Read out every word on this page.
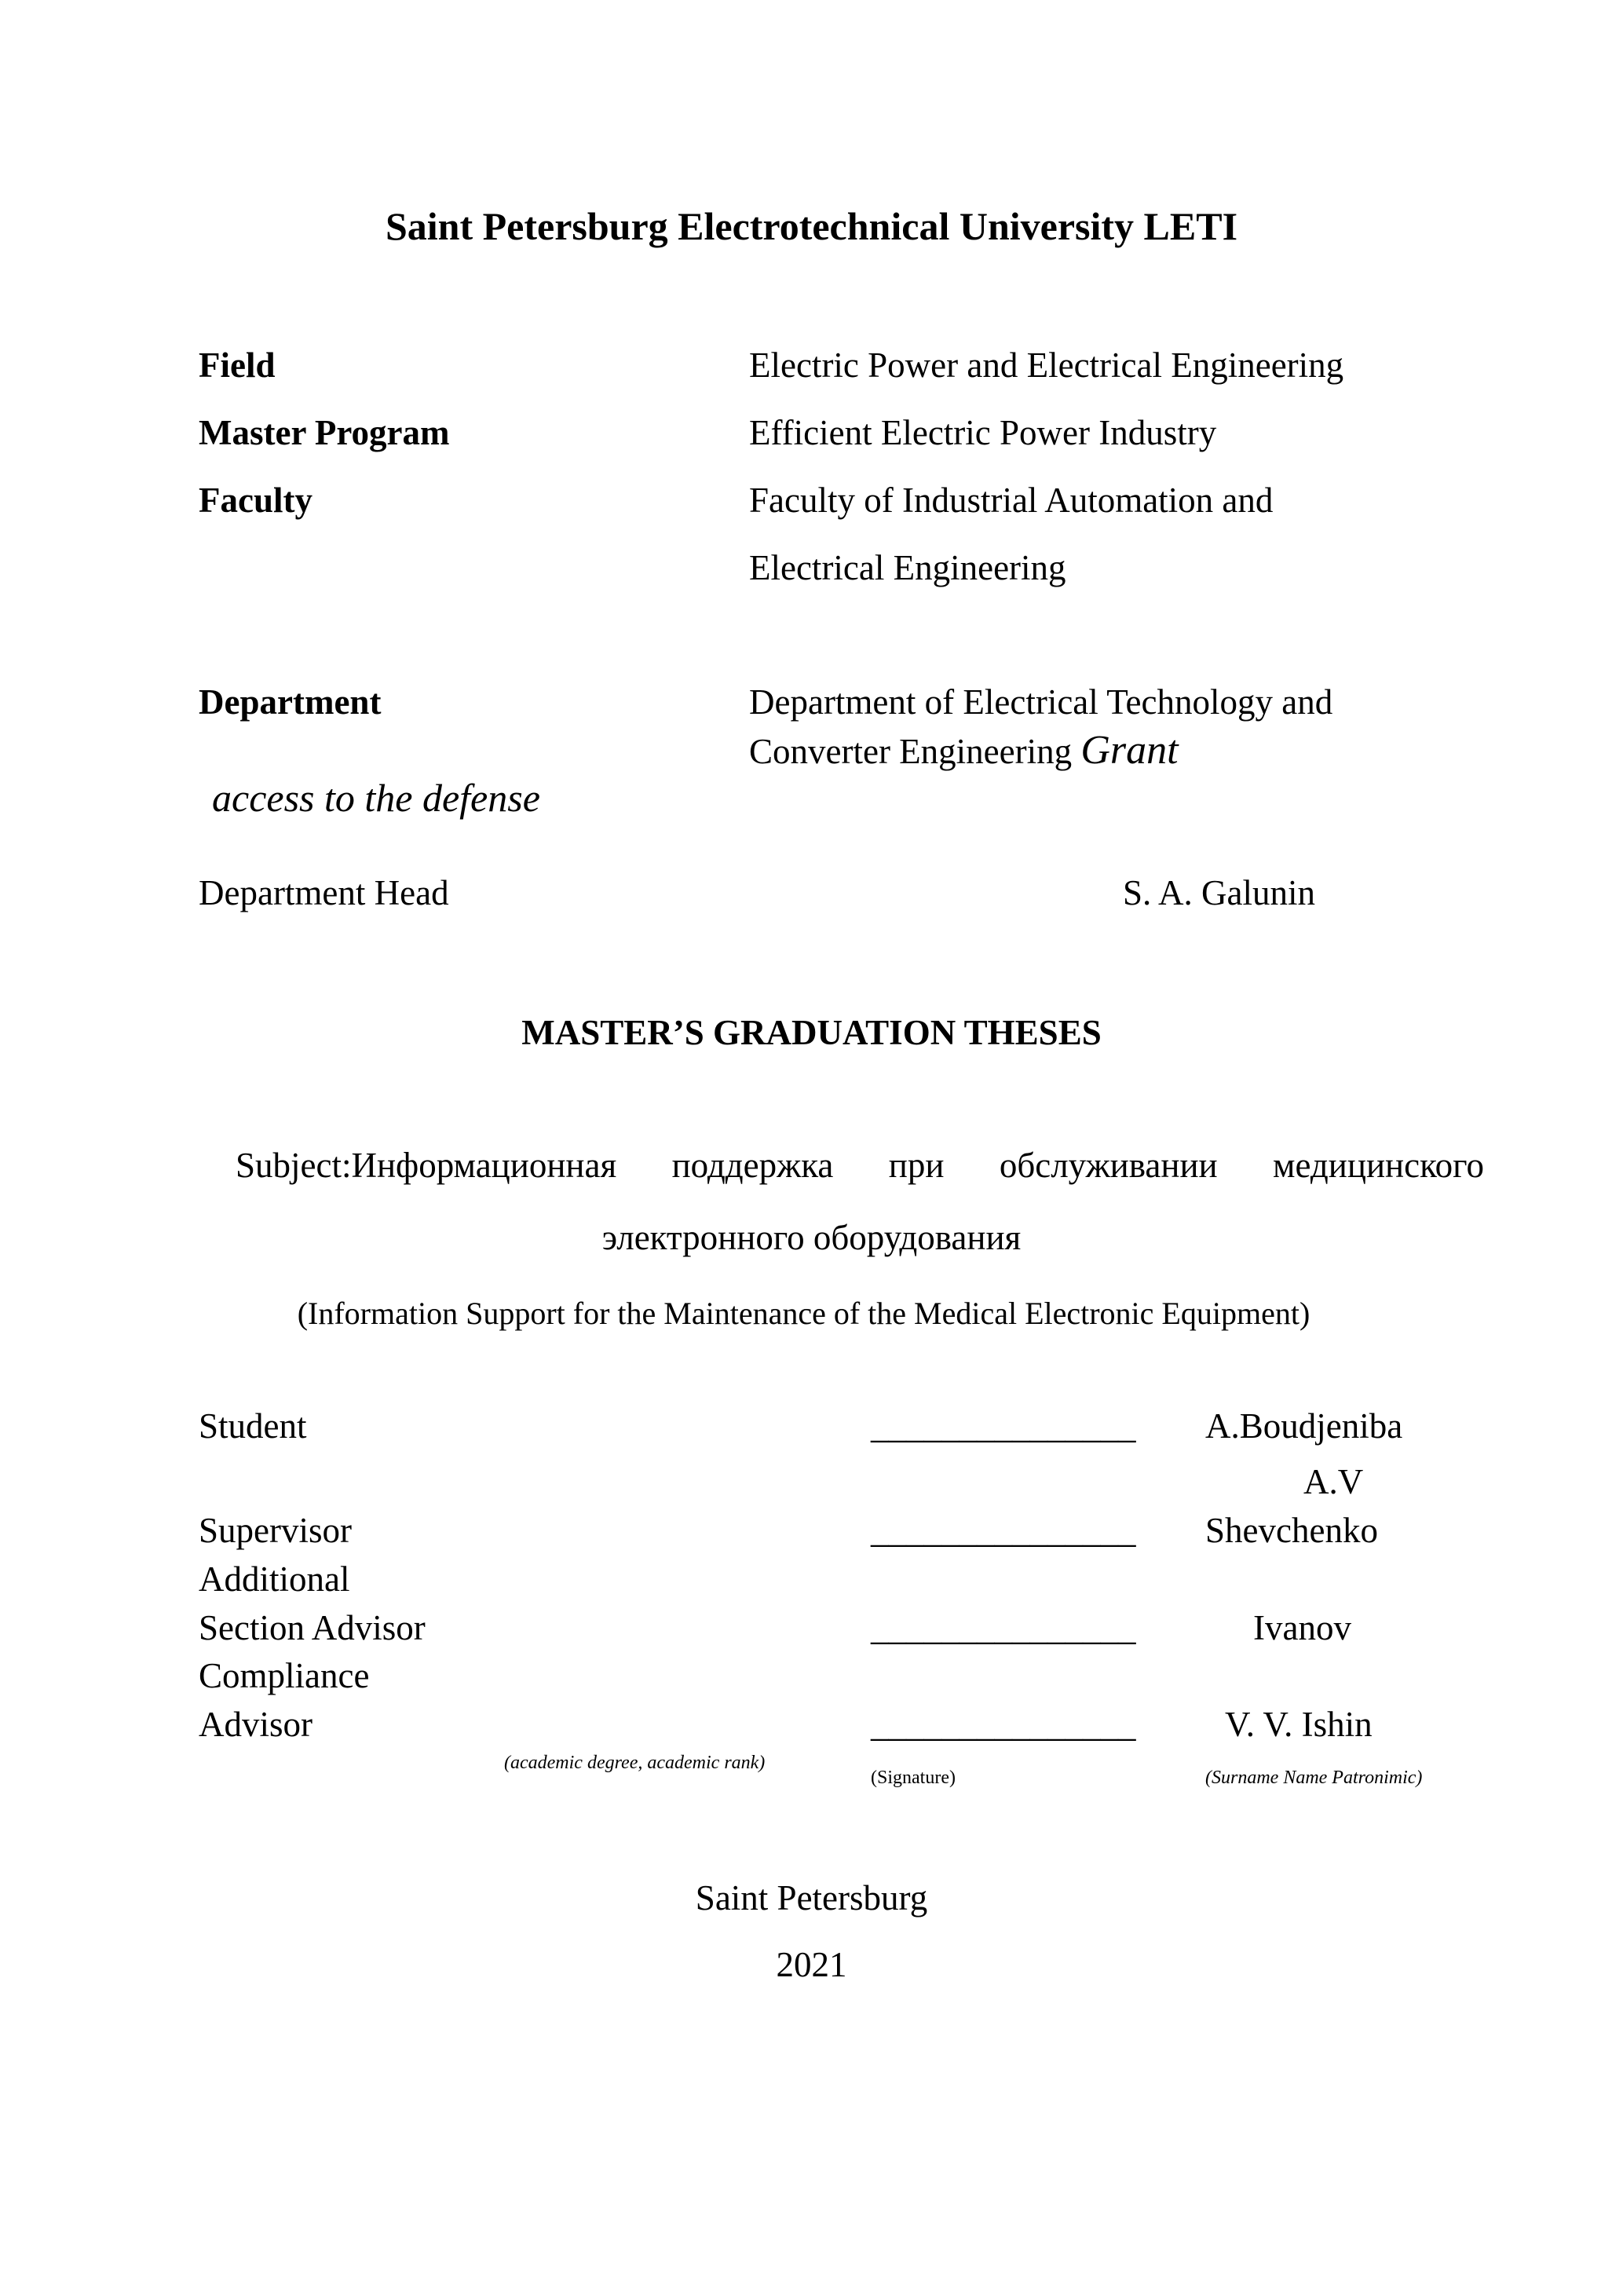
Saint Petersburg Electrotechnical University LETI
Field	Electric Power and Electrical Engineering
Master Program	Efficient Electric Power Industry
Faculty	Faculty of Industrial Automation and
Electrical Engineering
Department	Department of Electrical Technology and
Converter Engineering Grant
access to the defense
Department Head	S. A. Galunin
MASTER’S GRADUATION THESES
Subject:Информационная поддержка при обслуживании медицинского
электронного оборудования
(Information Support for the Maintenance of the Medical Electronic Equipment)
Student	_______________ A.Boudjeniba
A.V
Supervisor	_______________ Shevchenko
Additional
Section Advisor	_______________	Ivanov
Compliance
Advisor	_______________	V. V. Ishin
(academic degree, academic rank)
(Signature)	(Surname Name Patronimic)
Saint Petersburg
2021
